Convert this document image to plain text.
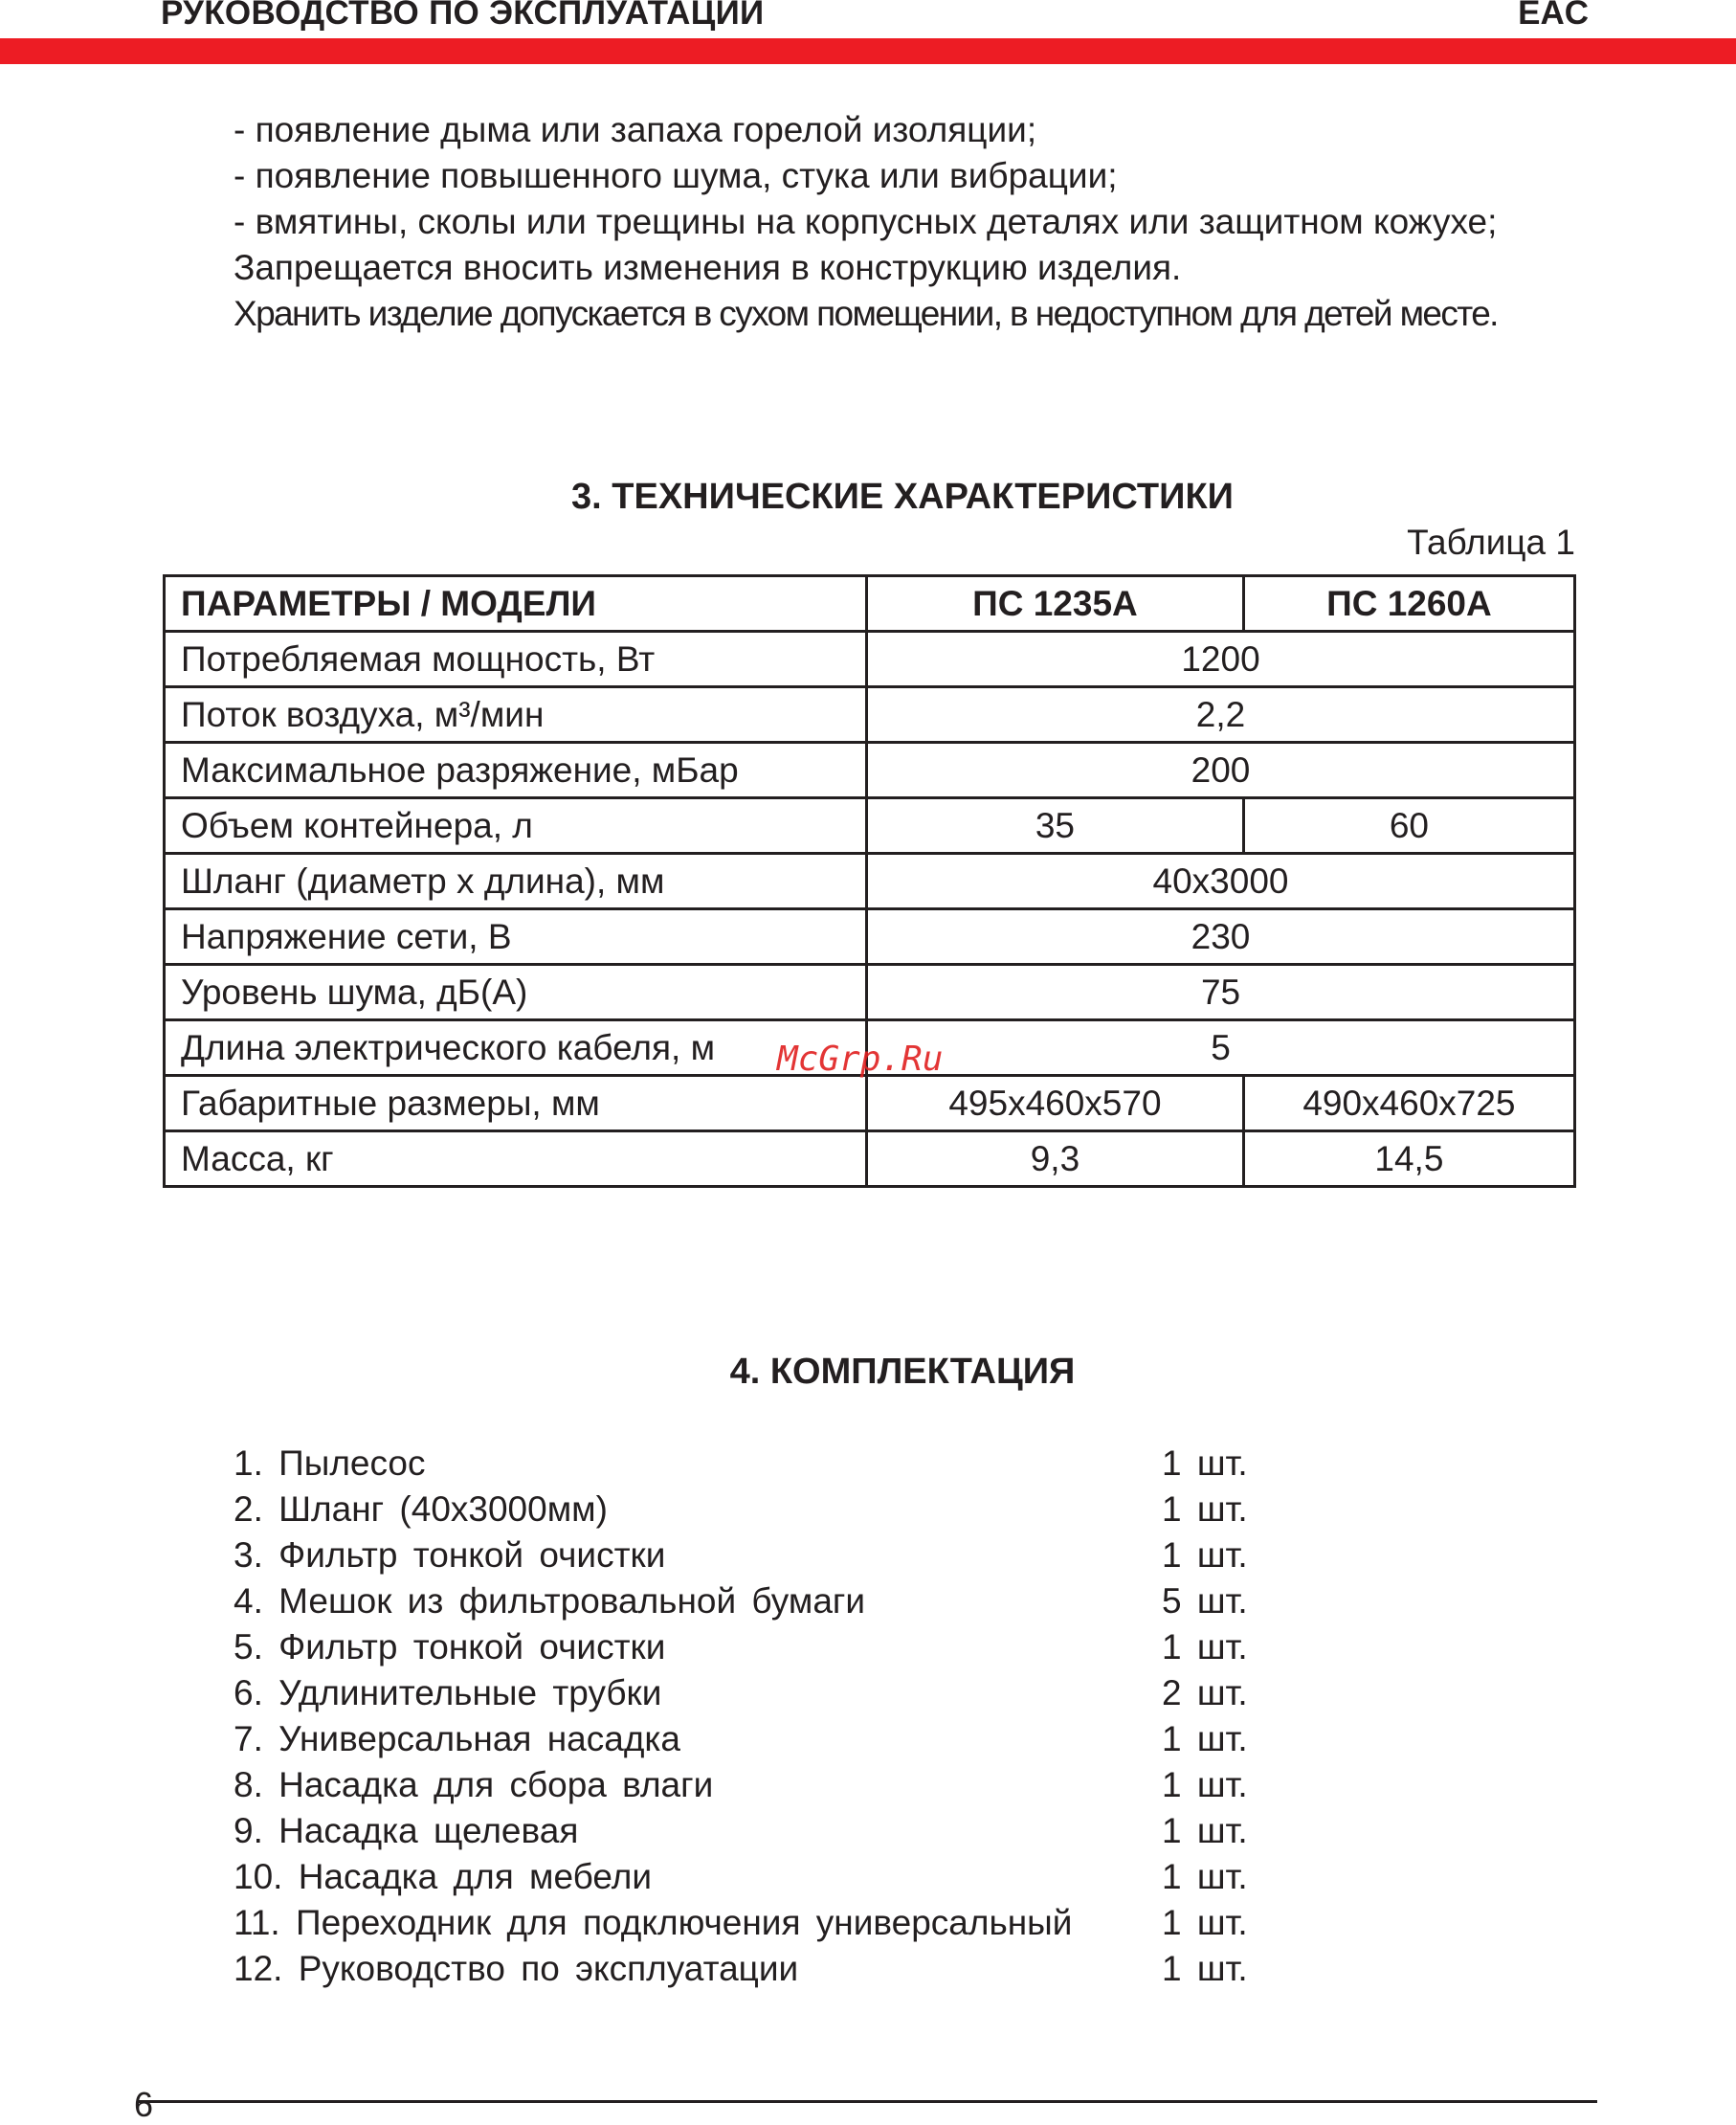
РУКОВОДСТВО ПО ЭКСПЛУАТАЦИИ	EAC
- появление дыма или запаха горелой изоляции;
- появление повышенного шума, стука или вибрации;
- вмятины, сколы или трещины на корпусных деталях или защитном кожухе;
Запрещается вносить изменения в конструкцию изделия.
Хранить изделие допускается в сухом помещении, в недоступном для детей месте.
3. ТЕХНИЧЕСКИЕ ХАРАКТЕРИСТИКИ
Таблица 1
ПАРАМЕТРЫ / МОДЕЛИ	ПС 1235А	ПС 1260А
Потребляемая мощность, Вт	1200	
Поток воздуха, м³/мин	2,2	
Максимальное разряжение, мБар	200	
Объем контейнера, л	35	60
Шланг (диаметр х длина), мм	40х3000	
Напряжение сети, В	230	
Уровень шума, дБ(А)	75	
Длина электрического кабеля, м	5	
Габаритные размеры, мм	495х460х570	490х460х725
Масса, кг	9,3	14,5
McGrp.Ru
4. КОМПЛЕКТАЦИЯ
1. Пылесос	1 шт.
2. Шланг (40х3000мм)	1 шт.
3. Фильтр тонкой очистки	1 шт.
4. Мешок из фильтровальной бумаги	5 шт.
5. Фильтр тонкой очистки	1 шт.
6. Удлинительные трубки	2 шт.
7. Универсальная насадка	1 шт.
8. Насадка для сбора влаги	1 шт.
9. Насадка щелевая	1 шт.
10. Насадка для мебели	1 шт.
11. Переходник для подключения универсальный	1 шт.
12. Руководство по эксплуатации	1 шт.
6
